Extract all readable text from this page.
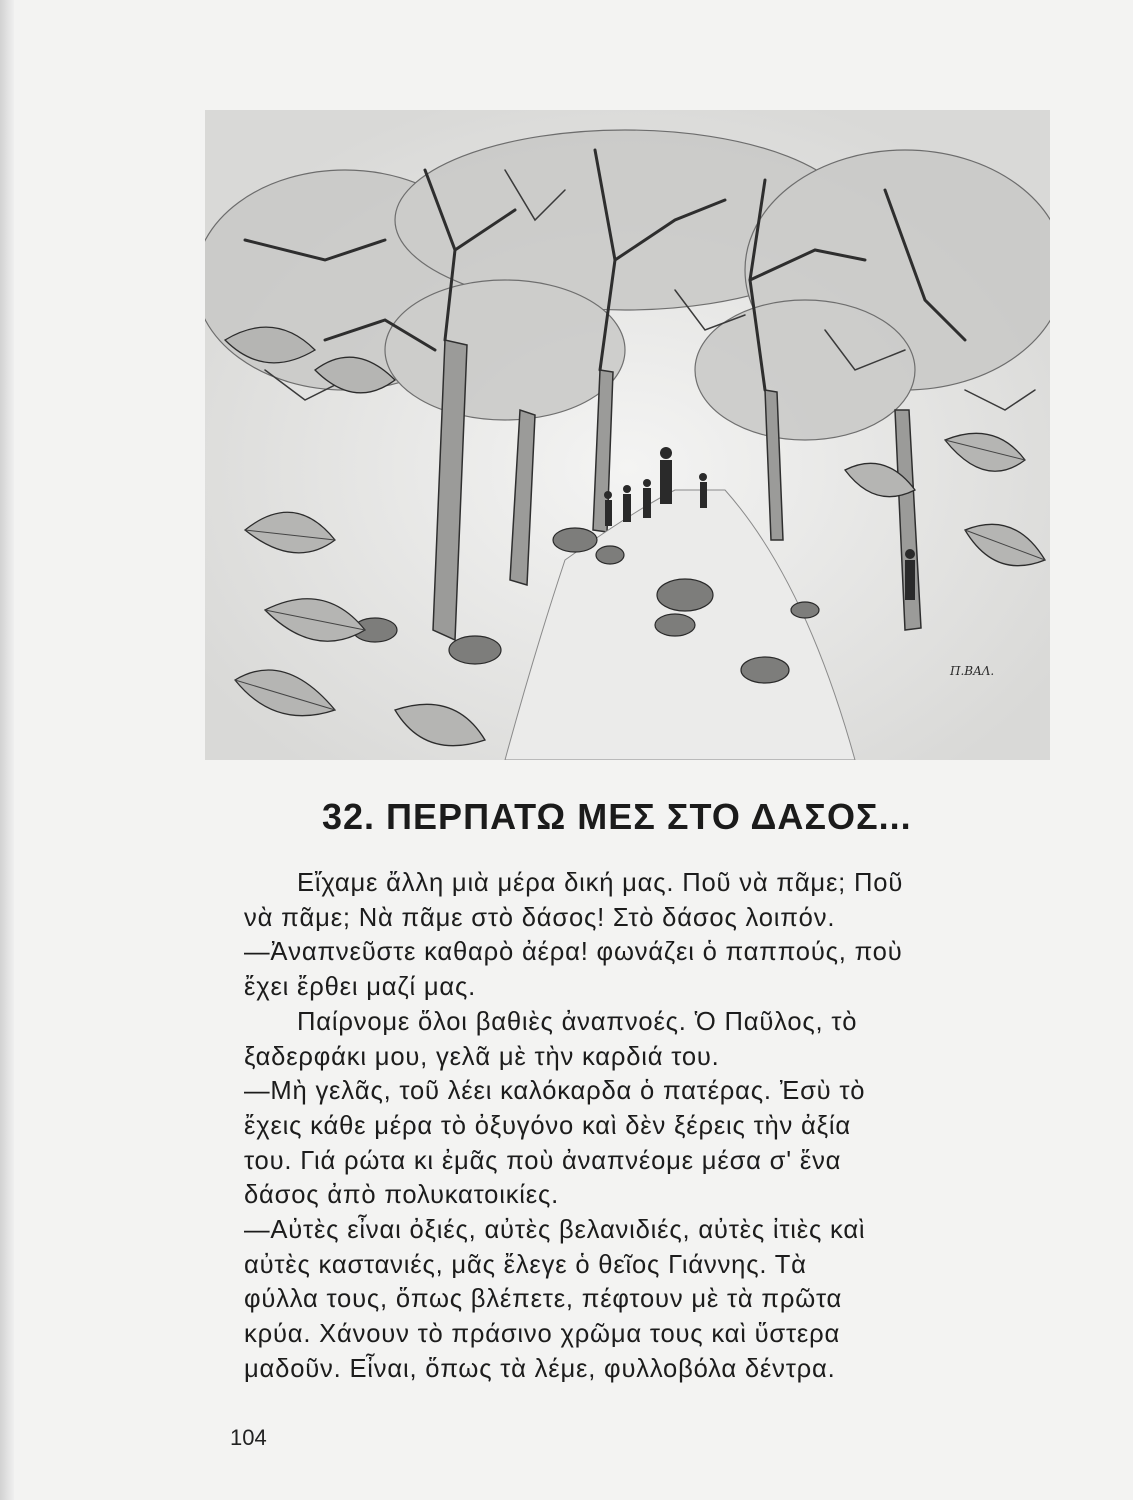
Π.ΒΑΛ.
32. ΠΕΡΠΑΤΩ ΜΕΣ ΣΤΟ ΔΑΣΟΣ...

Εἴχαμε ἄλλη μιὰ μέρα δική μας. Ποῦ νὰ πᾶμε; Ποῦ

νὰ πᾶμε; Νὰ πᾶμε στὸ δάσος! Στὸ δάσος λοιπόν.

—Ἀναπνεῦστε καθαρὸ ἀέρα! φωνάζει ὁ παππούς, ποὺ

ἔχει ἔρθει μαζί μας.

Παίρνομε ὅλοι βαθιὲς ἀναπνοές. Ὁ Παῦλος, τὸ

ξαδερφάκι μου, γελᾶ μὲ τὴν καρδιά του.

—Μὴ γελᾶς, τοῦ λέει καλόκαρδα ὁ πατέρας. Ἐσὺ τὸ

ἔχεις κάθε μέρα τὸ ὀξυγόνο καὶ δὲν ξέρεις τὴν ἀξία

του. Γιά ρώτα κι ἐμᾶς ποὺ ἀναπνέομε μέσα σ' ἕνα

δάσος ἀπὸ πολυκατοικίες.

—Αὐτὲς εἶναι ὀξιές, αὐτὲς βελανιδιές, αὐτὲς ἰτιὲς καὶ

αὐτὲς καστανιές, μᾶς ἔλεγε ὁ θεῖος Γιάννης. Τὰ

φύλλα τους, ὅπως βλέπετε, πέφτουν μὲ τὰ πρῶτα

κρύα. Χάνουν τὸ πράσινο χρῶμα τους καὶ ὕστερα

μαδοῦν. Εἶναι, ὅπως τὰ λέμε, φυλλοβόλα δέντρα.

104
